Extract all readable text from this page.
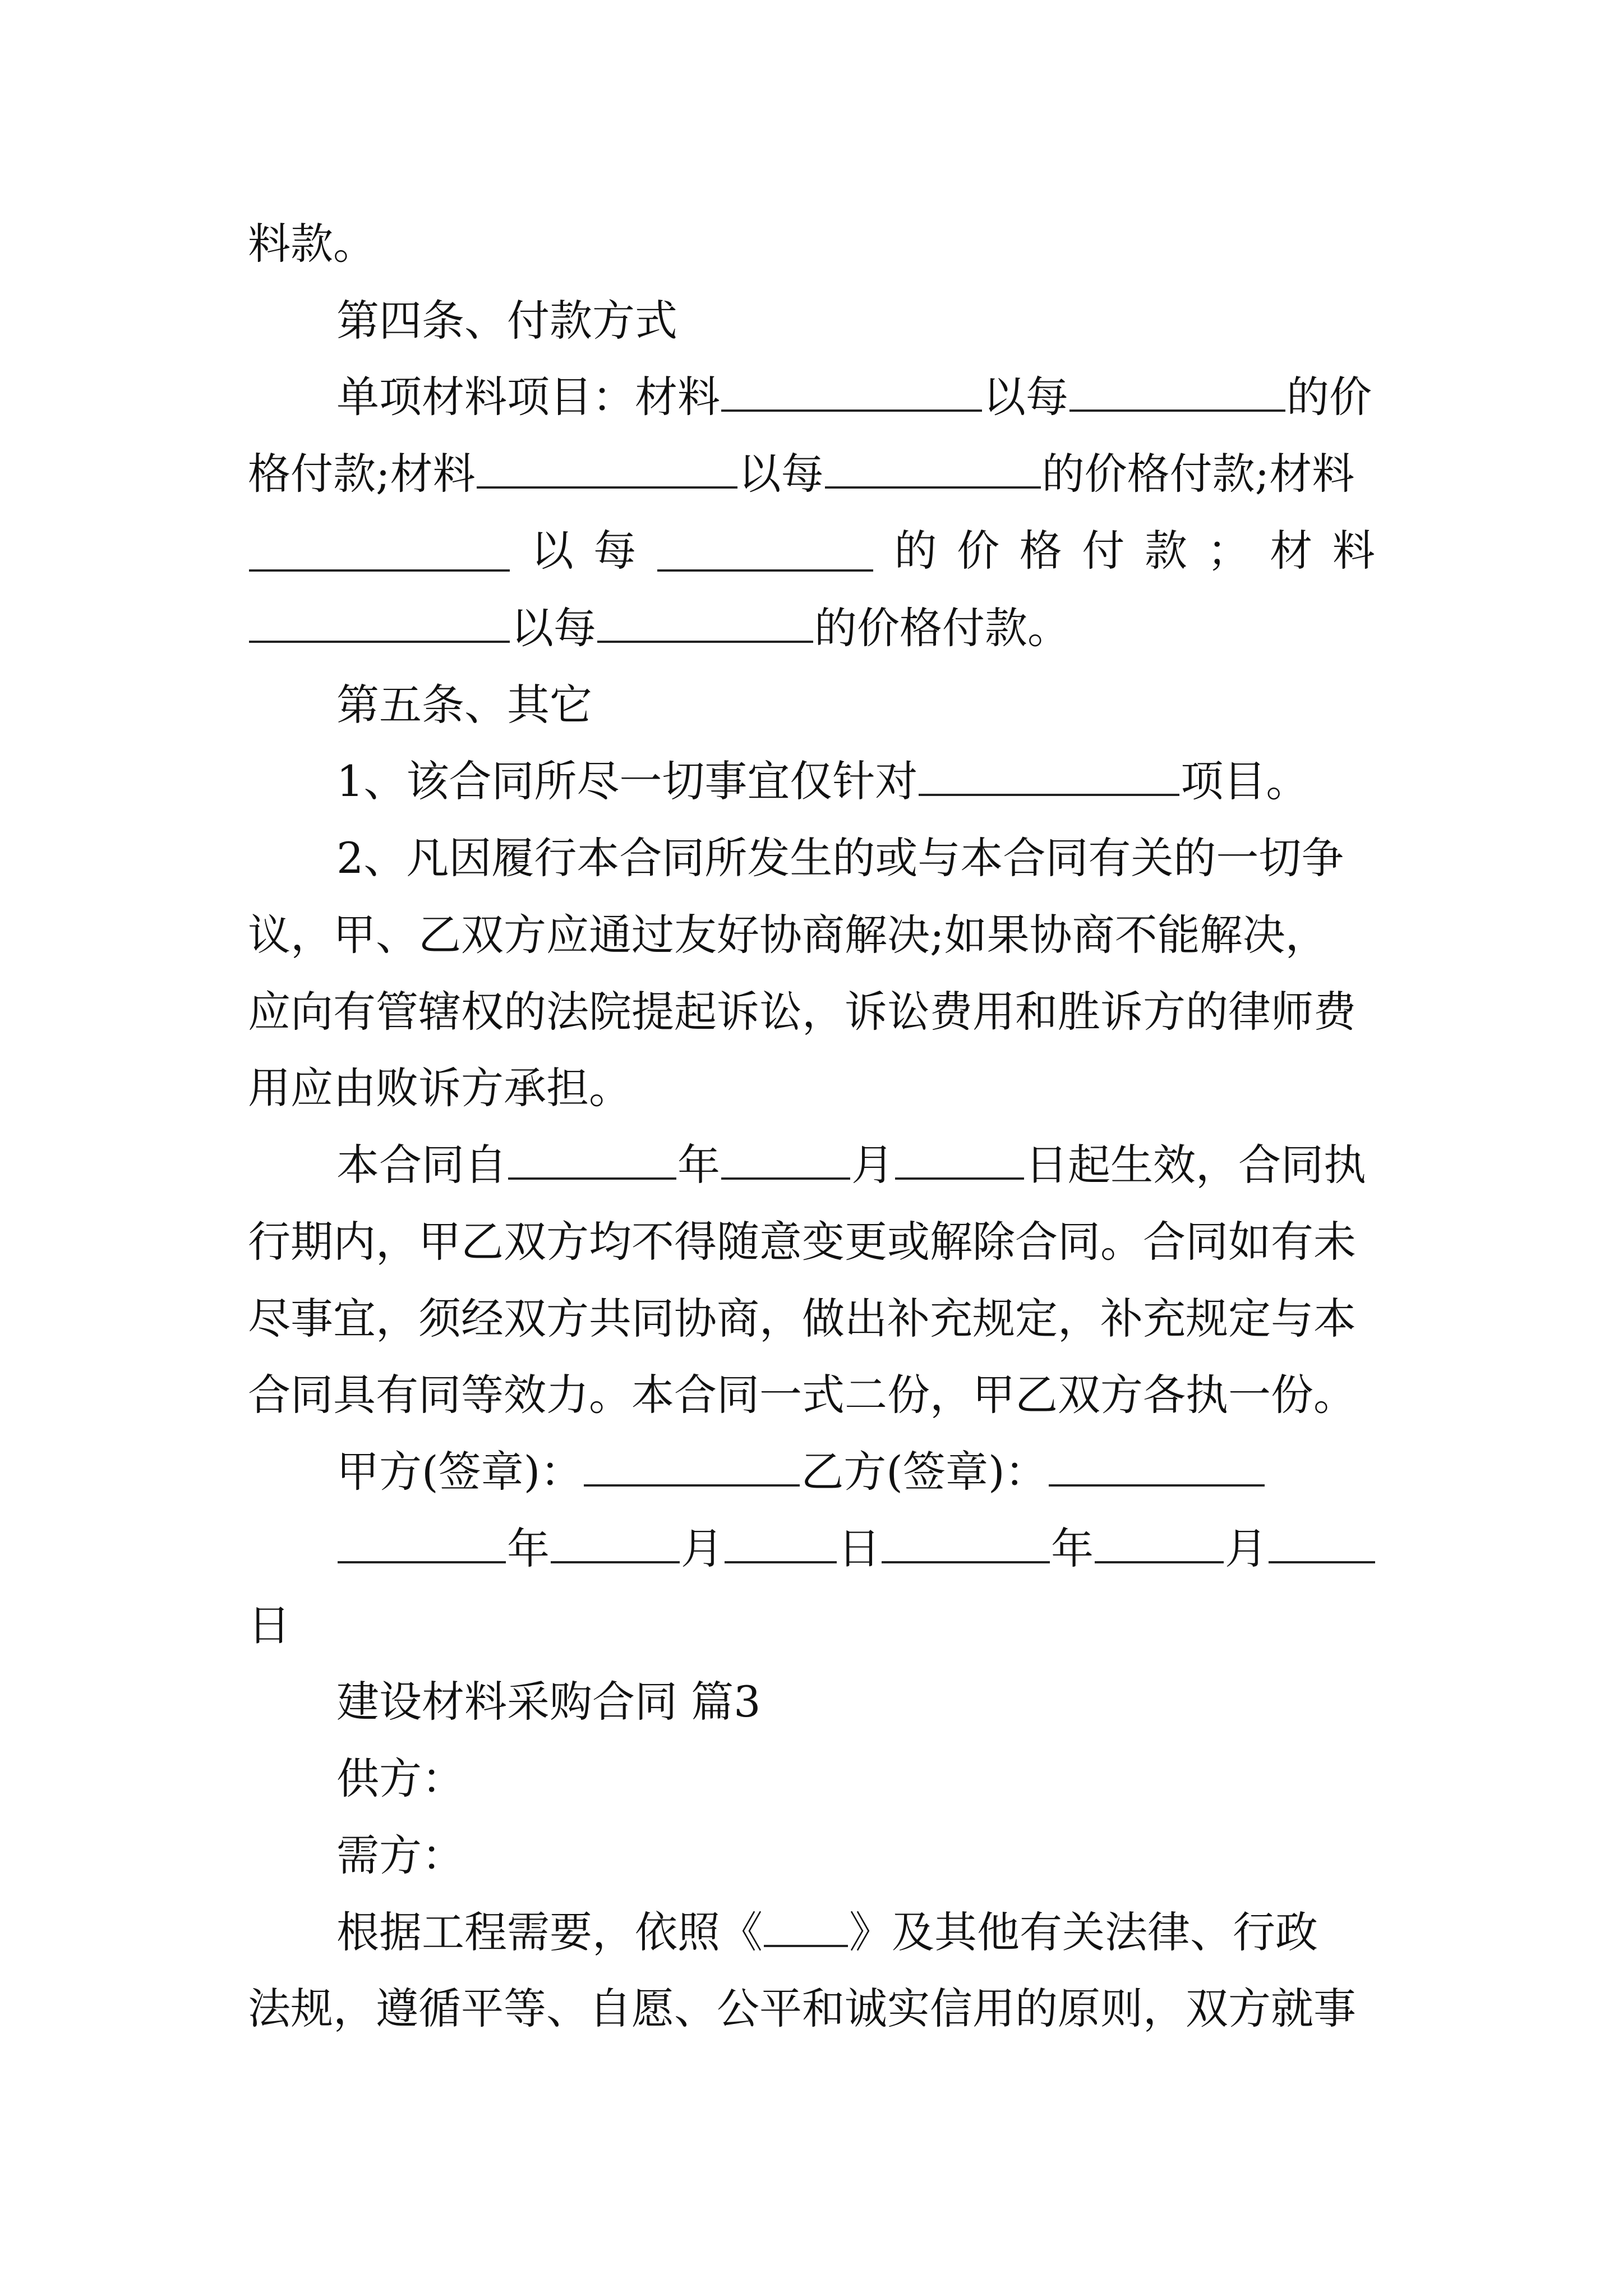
料款。
第四条、付款方式
单项材料项目：材料	以每	的价
格付款;材料	以每	的价格付款;材料
以 每	的 价 格 付 款 ； 材 料
以每	的价格付款。
第五条、其它
1、该合同所尽一切事宜仅针对	项目。
2、凡因履行本合同所发生的或与本合同有关的一切争
议，甲、乙双方应通过友好协商解决;如果协商不能解决，
应向有管辖权的法院提起诉讼，诉讼费用和胜诉方的律师费
用应由败诉方承担。
本合同自	年	月	日起生效，合同执
行期内，甲乙双方均不得随意变更或解除合同。合同如有未
尽事宜，须经双方共同协商，做出补充规定，补充规定与本
合同具有同等效力。本合同一式二份，甲乙双方各执一份。
甲方(签章)：	乙方(签章)：
年	月	日	年	月
日
建设材料采购合同 篇3
供方：
需方：
根据工程需要，依照《 》及其他有关法律、行政
法规，遵循平等、自愿、公平和诚实信用的原则，双方就事
